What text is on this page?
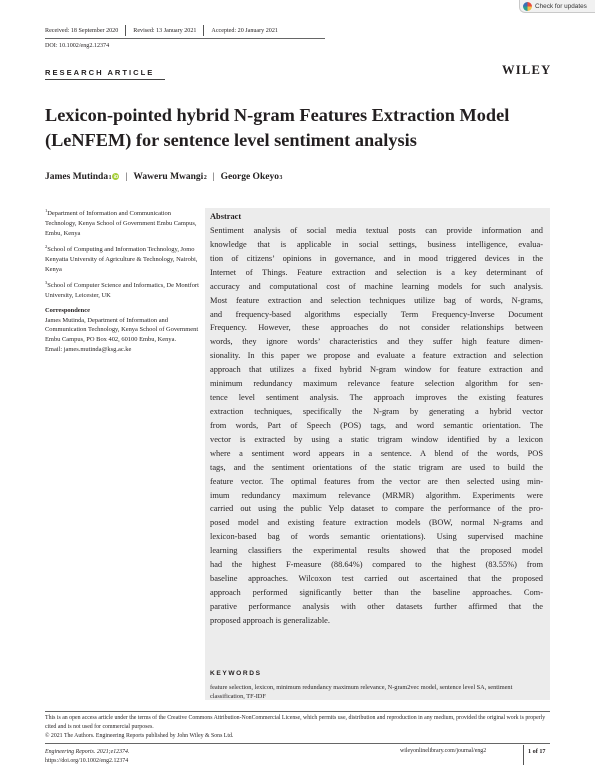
Check for updates
Received: 18 September 2020 Revised: 13 January 2021 Accepted: 20 January 2021
DOI: 10.1002/eng2.12374
RESEARCH ARTICLE	WILEY
Lexicon-pointed hybrid N-gram Features Extraction Model (LeNFEM) for sentence level sentiment analysis
James Mutinda 1 iD | Waweru Mwangi 2 | George Okeyo 3
$^1$Department of Information and Communication Technology, Kenya School of Government Embu Campus, Embu, Kenya
$^2$School of Computing and Information Technology, Jomo Kenyatta University of Agriculture & Technology, Nairobi, Kenya
$^3$School of Computer Science and Informatics, De Montfort University, Leicester, UK
Correspondence
James Mutinda, Department of Information and Communication Technology, Kenya School of Government Embu Campus, PO Box 402, 60100 Embu, Kenya.
Email: james.mutinda@ksg.ac.ke
Abstract
Sentiment analysis of social media textual posts can provide information and
knowledge that is applicable in social settings, business intelligence, evalua-
tion of citizens’ opinions in governance, and in mood triggered devices in the
Internet of Things. Feature extraction and selection is a key determinant of
accuracy and computational cost of machine learning models for such analysis.
Most feature extraction and selection techniques utilize bag of words, N-grams,
and frequency-based algorithms especially Term Frequency-Inverse Document
Frequency. However, these approaches do not consider relationships between
words, they ignore words’ characteristics and they suffer high feature dimen-
sionality. In this paper we propose and evaluate a feature extraction and selection
approach that utilizes a fixed hybrid N-gram window for feature extraction and
minimum redundancy maximum relevance feature selection algorithm for sen-
tence level sentiment analysis. The approach improves the existing features
extraction techniques, specifically the N-gram by generating a hybrid vector
from words, Part of Speech (POS) tags, and word semantic orientation. The
vector is extracted by using a static trigram window identified by a lexicon
where a sentiment word appears in a sentence. A blend of the words, POS
tags, and the sentiment orientations of the static trigram are used to build the
feature vector. The optimal features from the vector are then selected using min-
imum redundancy maximum relevance (MRMR) algorithm. Experiments were
carried out using the public Yelp dataset to compare the performance of the pro-
posed model and existing feature extraction models (BOW, normal N-grams and
lexicon-based bag of words semantic orientations). Using supervised machine
learning classifiers the experimental results showed that the proposed model
had the highest F-measure (88.64%) compared to the highest (83.55%) from
baseline approaches. Wilcoxon test carried out ascertained that the proposed
approach performed significantly better than the baseline approaches. Com-
parative performance analysis with other datasets further affirmed that the
proposed approach is generalizable.
KEYWORDS
feature selection, lexicon, minimum redundancy maximum relevance, N-gram2vec model, sentence level SA, sentiment classification, TF-IDF
This is an open access article under the terms of the Creative Commons Attribution-NonCommercial License, which permits use, distribution and reproduction in any medium, provided the original work is properly cited and is not used for commercial purposes.
© 2021 The Authors. Engineering Reports published by John Wiley & Sons Ltd.
Engineering Reports. 2021;e12374.
https://doi.org/10.1002/eng2.12374
wileyonlinelibrary.com/journal/eng2	1 of 17
